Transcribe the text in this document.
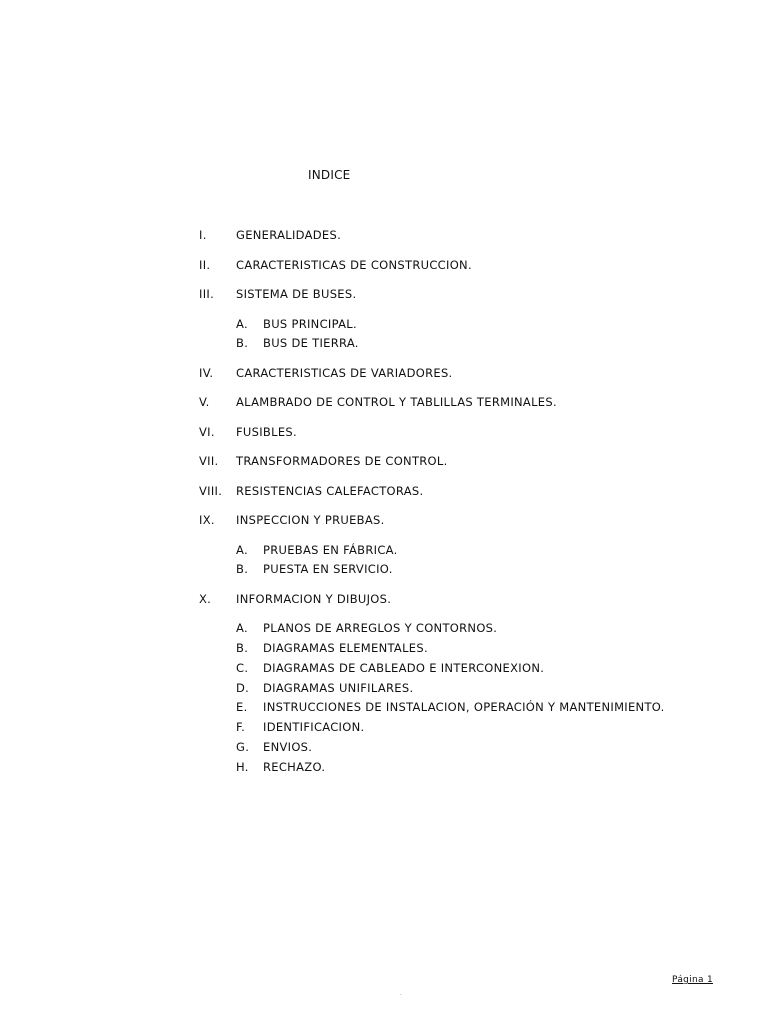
INDICE
I.	GENERALIDADES.
II. CARACTERISTICAS DE CONSTRUCCION.
III. SISTEMA DE BUSES.
A. BUS PRINCIPAL.
B. BUS DE TIERRA.
IV. CARACTERISTICAS DE VARIADORES.
V. ALAMBRADO DE CONTROL Y TABLILLAS TERMINALES.
VI. FUSIBLES.
VII. TRANSFORMADORES DE CONTROL.
VIII. RESISTENCIAS CALEFACTORAS.
IX. INSPECCION Y PRUEBAS.
A. PRUEBAS EN FÁBRICA.
B. PUESTA EN SERVICIO.
X. INFORMACION Y DIBUJOS.
A. PLANOS DE ARREGLOS Y CONTORNOS.
B. DIAGRAMAS ELEMENTALES.
C. DIAGRAMAS DE CABLEADO E INTERCONEXION.
D. DIAGRAMAS UNIFILARES.
E. INSTRUCCIONES DE INSTALACION, OPERACIÓN Y MANTENIMIENTO.
F. IDENTIFICACION.
G. ENVIOS.
H. RECHAZO.
Página 1
.
